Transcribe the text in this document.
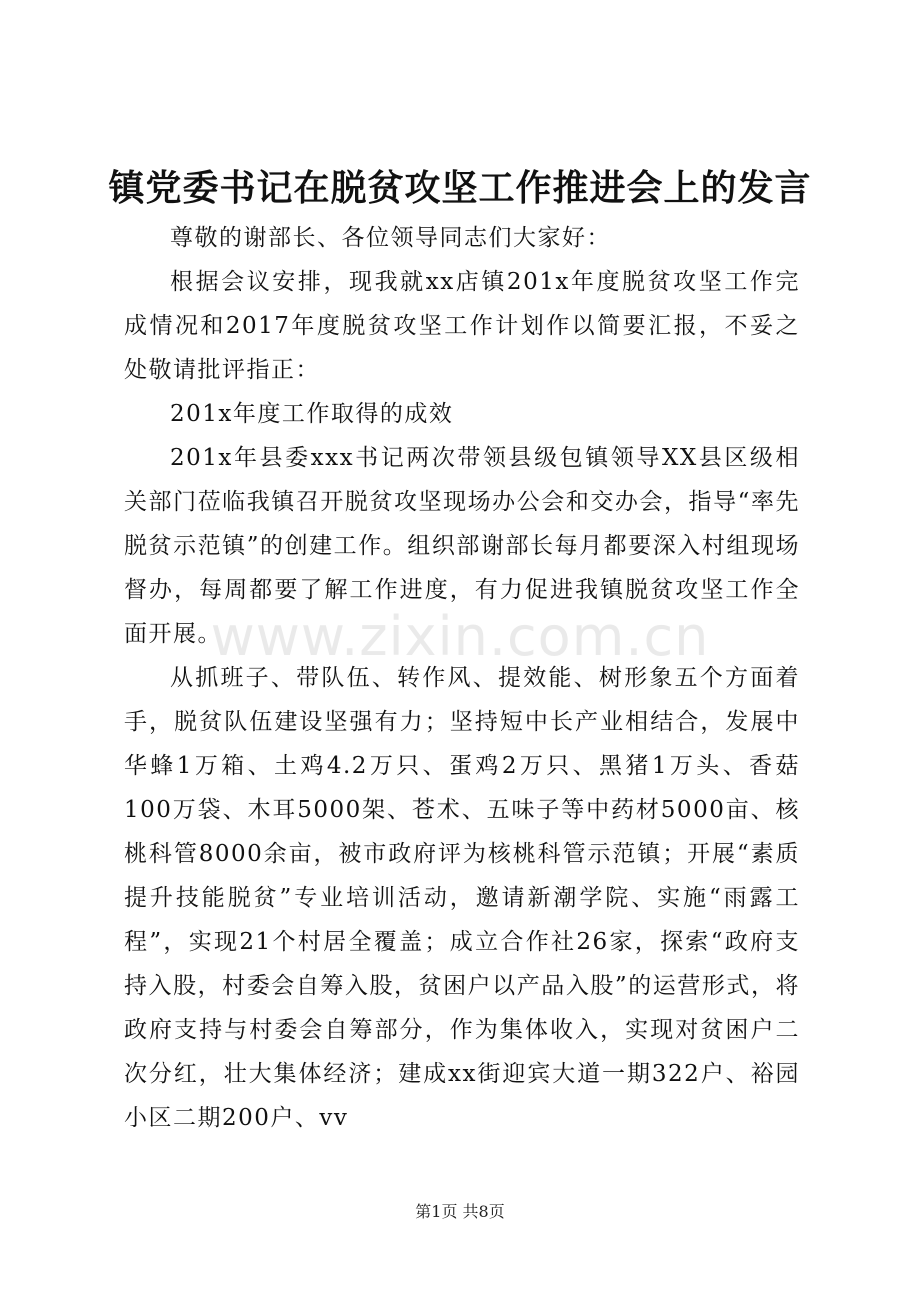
镇党委书记在脱贫攻坚工作推进会上的发言

尊敬的谢部长、各位领导同志们大家好：

根据会议安排，现我就xx店镇201x年度脱贫攻坚工作完成情况和2017年度脱贫攻坚工作计划作以简要汇报，不妥之处敬请批评指正：

201x年度工作取得的成效

201x年县委xxx书记两次带领县级包镇领导XX县区级相关部门莅临我镇召开脱贫攻坚现场办公会和交办会，指导“率先脱贫示范镇”的创建工作。组织部谢部长每月都要深入村组现场督办，每周都要了解工作进度，有力促进我镇脱贫攻坚工作全面开展。

从抓班子、带队伍、转作风、提效能、树形象五个方面着手，脱贫队伍建设坚强有力；坚持短中长产业相结合，发展中华蜂1万箱、土鸡4.2万只、蛋鸡2万只、黑猪1万头、香菇100万袋、木耳5000架、苍术、五味子等中药材5000亩、核桃科管8000余亩，被市政府评为核桃科管示范镇；开展“素质提升技能脱贫”专业培训活动，邀请新潮学院、实施“雨露工程”，实现21个村居全覆盖；成立合作社26家，探索“政府支持入股，村委会自筹入股，贫困户以产品入股”的运营形式，将政府支持与村委会自筹部分，作为集体收入，实现对贫困户二次分红，壮大集体经济；建成xx街迎宾大道一期322户、裕园小区二期200户、vv

www.zixin.com.cn
第1页 共8页
